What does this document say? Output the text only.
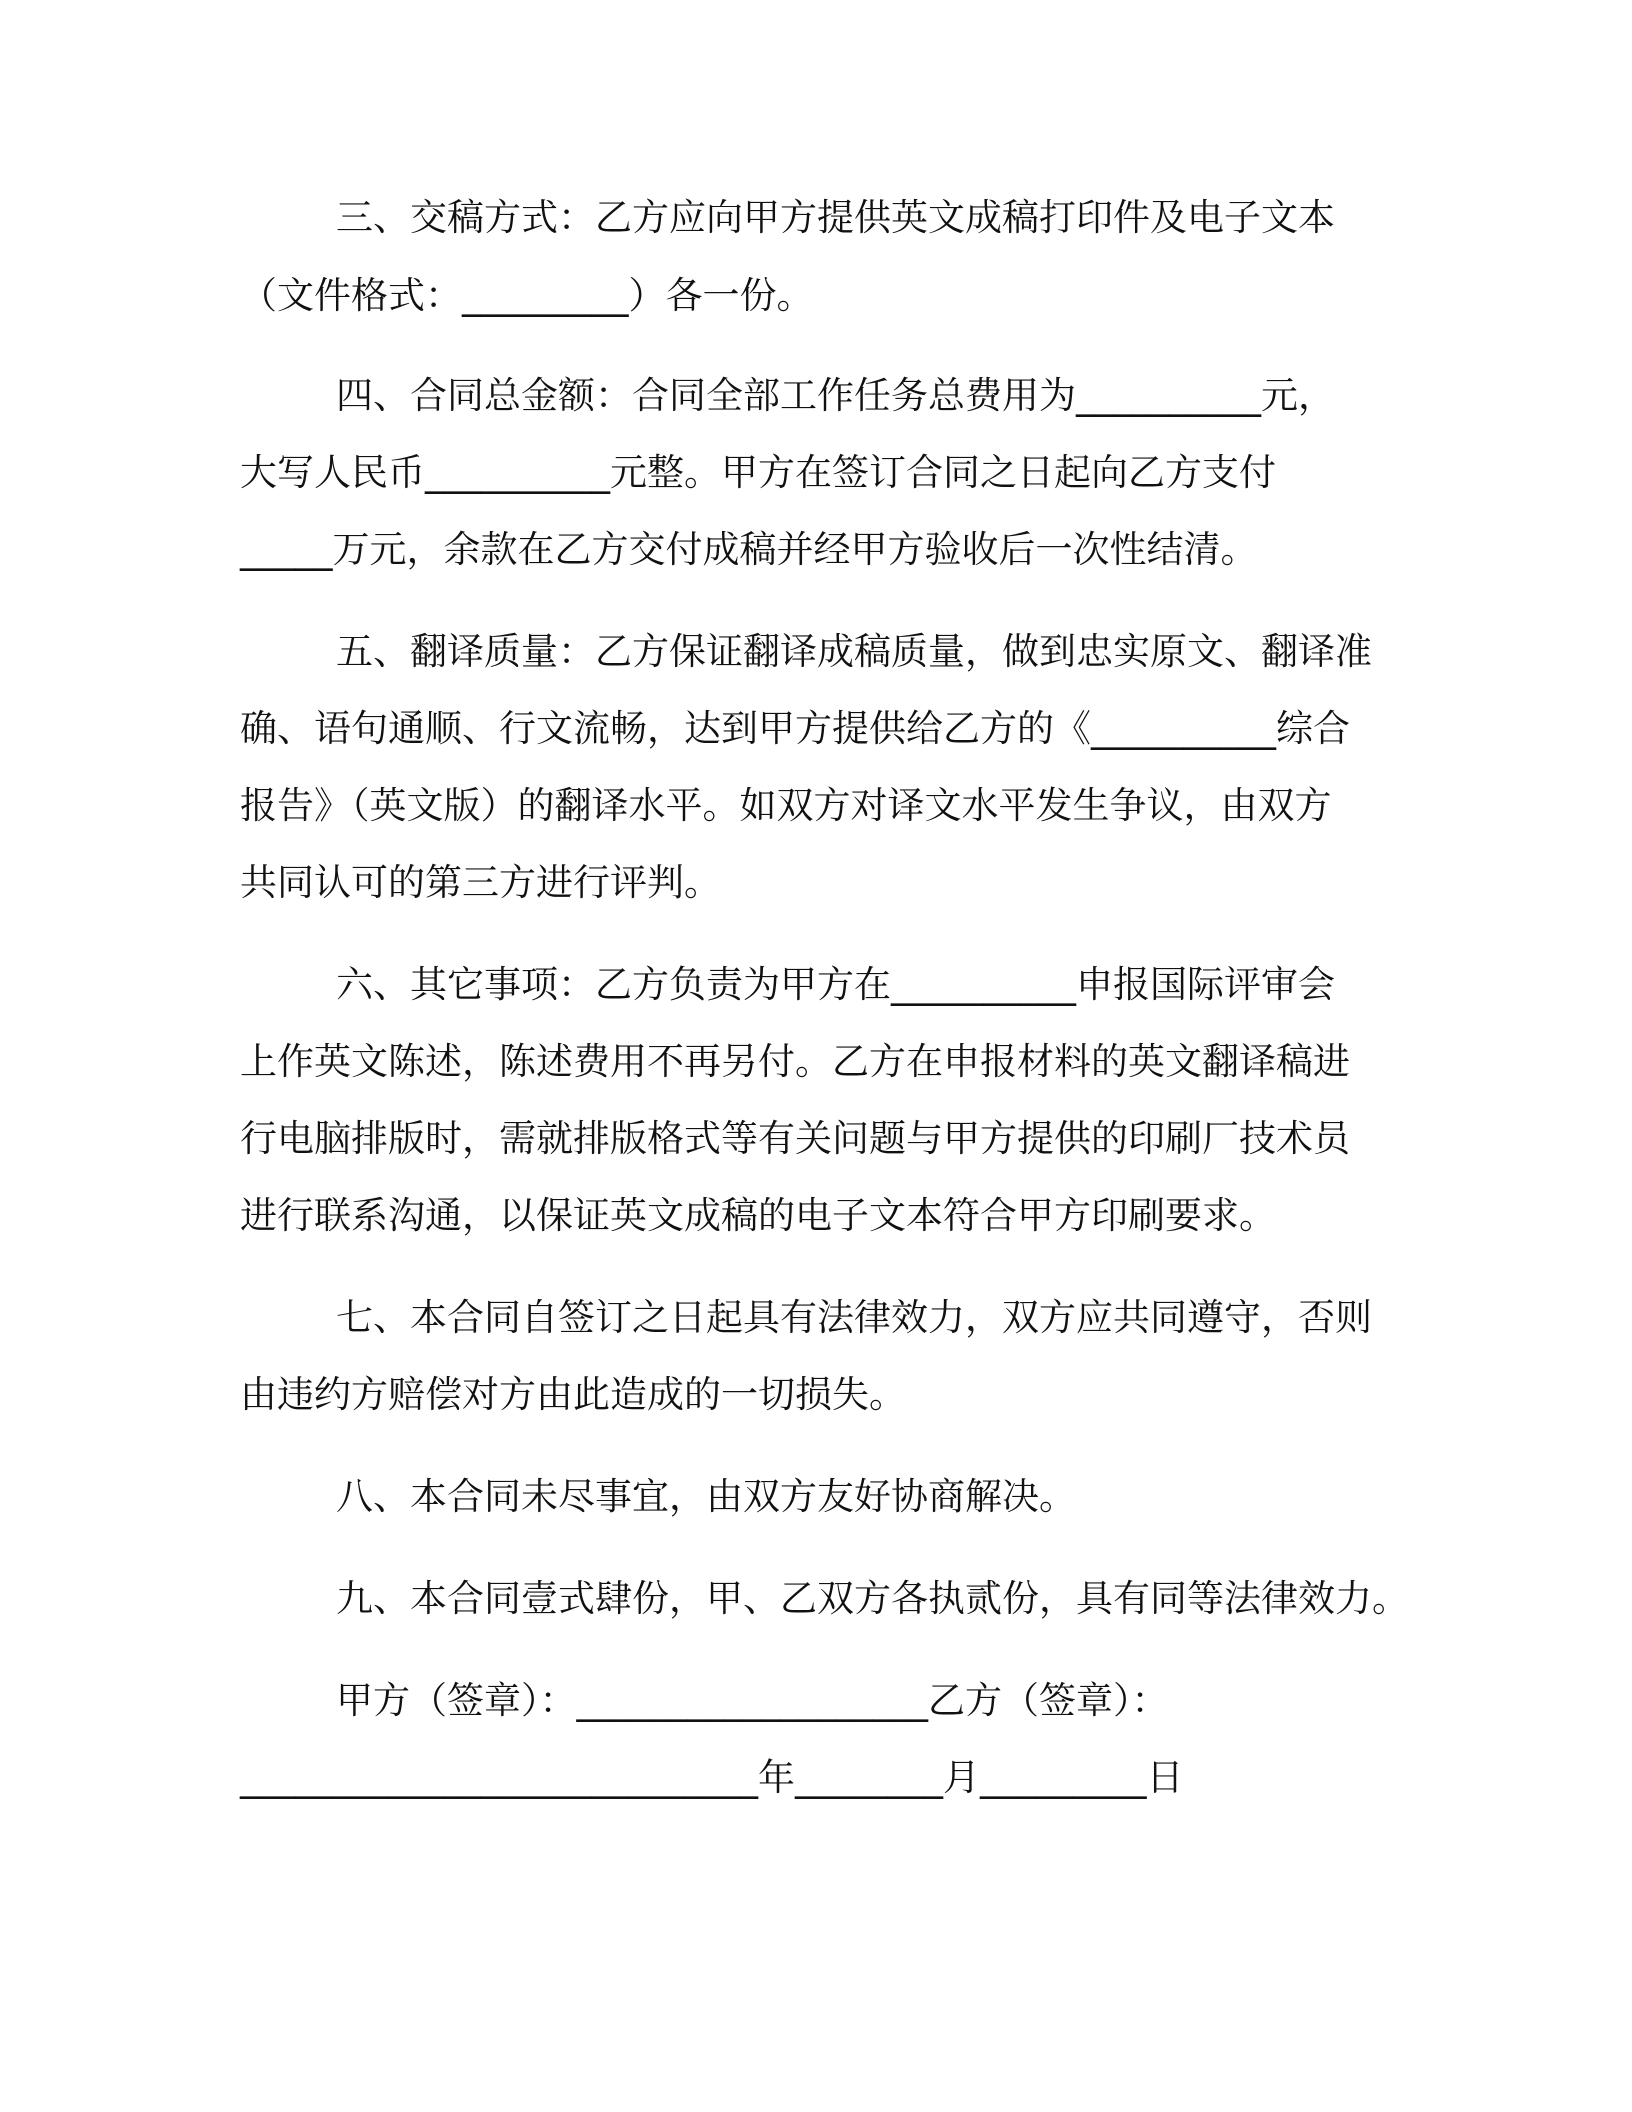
三、交稿方式：乙方应向甲方提供英文成稿打印件及电子文本
（文件格式：_________）各一份。
四、合同总金额：合同全部工作任务总费用为__________元，
大写人民币__________元整。甲方在签订合同之日起向乙方支付
_____万元，余款在乙方交付成稿并经甲方验收后一次性结清。
五、翻译质量：乙方保证翻译成稿质量，做到忠实原文、翻译准
确、语句通顺、行文流畅，达到甲方提供给乙方的《__________综合
报告》（英文版）的翻译水平。如双方对译文水平发生争议，由双方
共同认可的第三方进行评判。
六、其它事项：乙方负责为甲方在__________申报国际评审会
上作英文陈述，陈述费用不再另付。乙方在申报材料的英文翻译稿进
行电脑排版时，需就排版格式等有关问题与甲方提供的印刷厂技术员
进行联系沟通，以保证英文成稿的电子文本符合甲方印刷要求。
七、本合同自签订之日起具有法律效力，双方应共同遵守，否则
由违约方赔偿对方由此造成的一切损失。
八、本合同未尽事宜，由双方友好协商解决。
九、本合同壹式肆份，甲、乙双方各执贰份，具有同等法律效力。
甲方（签章）：___________________乙方（签章）：
____________________________年________月_________日
